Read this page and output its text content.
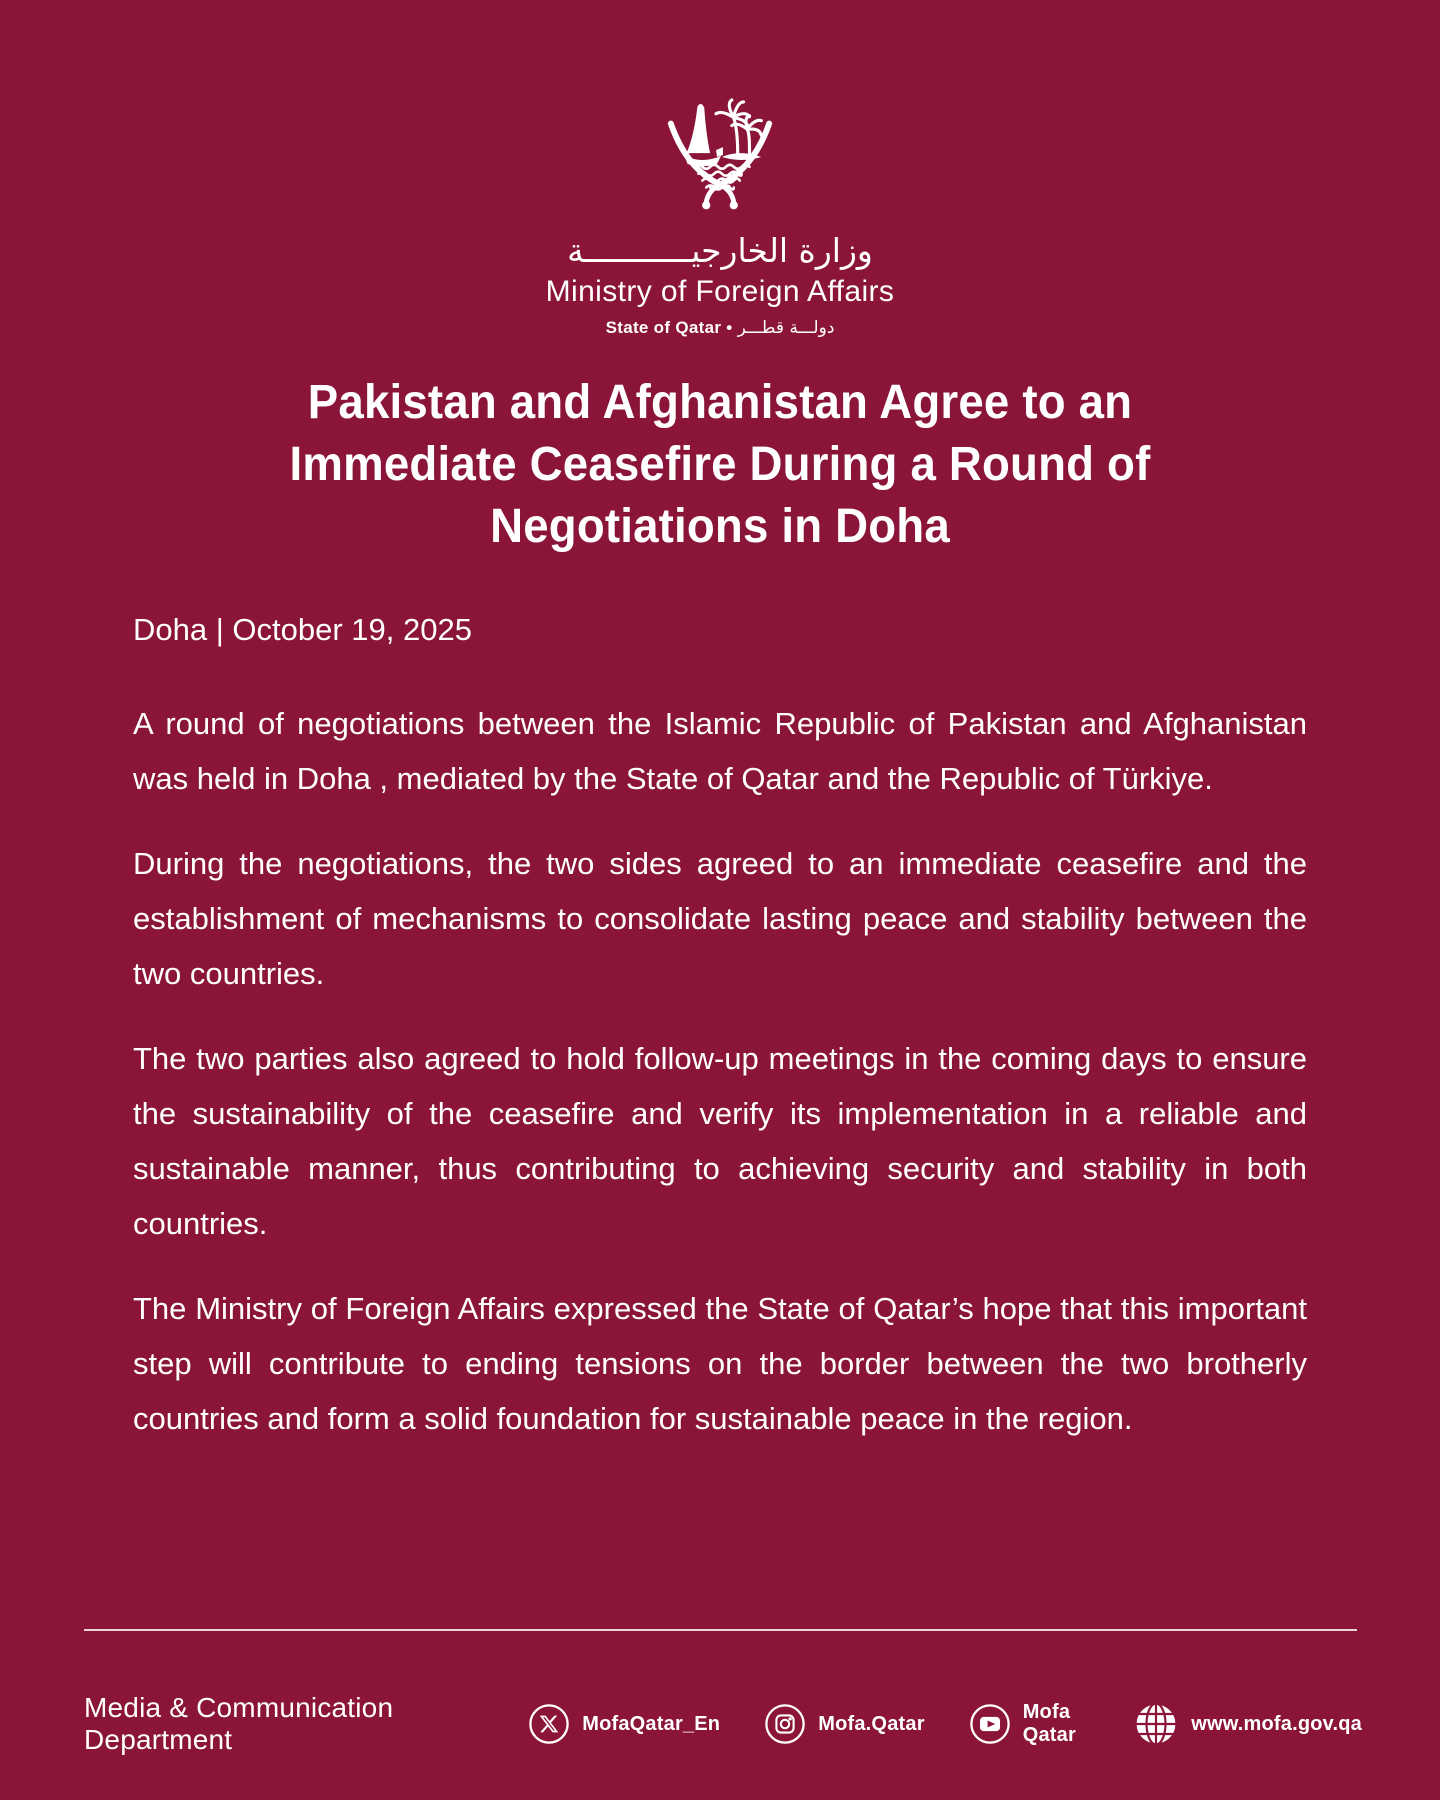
وزارة الخارجيـــــــــــة
Ministry of Foreign Affairs
State of Qatar • دولـــة قطـــر
Pakistan and Afghanistan Agree to an
Immediate Ceasefire During a Round of
Negotiations in Doha
Doha | October 19, 2025

A round of negotiations between the Islamic Republic of Pakistan and Afghanistan was held in Doha , mediated by the State of Qatar and the Republic of Türkiye.

During the negotiations, the two sides agreed to an immediate ceasefire and the establishment of mechanisms to consolidate lasting peace and stability between the two countries.

The two parties also agreed to hold follow-up meetings in the coming days to ensure the sustainability of the ceasefire and verify its implementation in a reliable and sustainable manner, thus contributing to achieving security and stability in both countries.

The Ministry of Foreign Affairs expressed the State of Qatar’s hope that this important step will contribute to ending tensions on the border between the two brotherly countries and form a solid foundation for sustainable peace in the region.

Media & Communication Department
MofaQatar_En	Mofa.Qatar
Mofa Qatar
www.mofa.gov.qa
